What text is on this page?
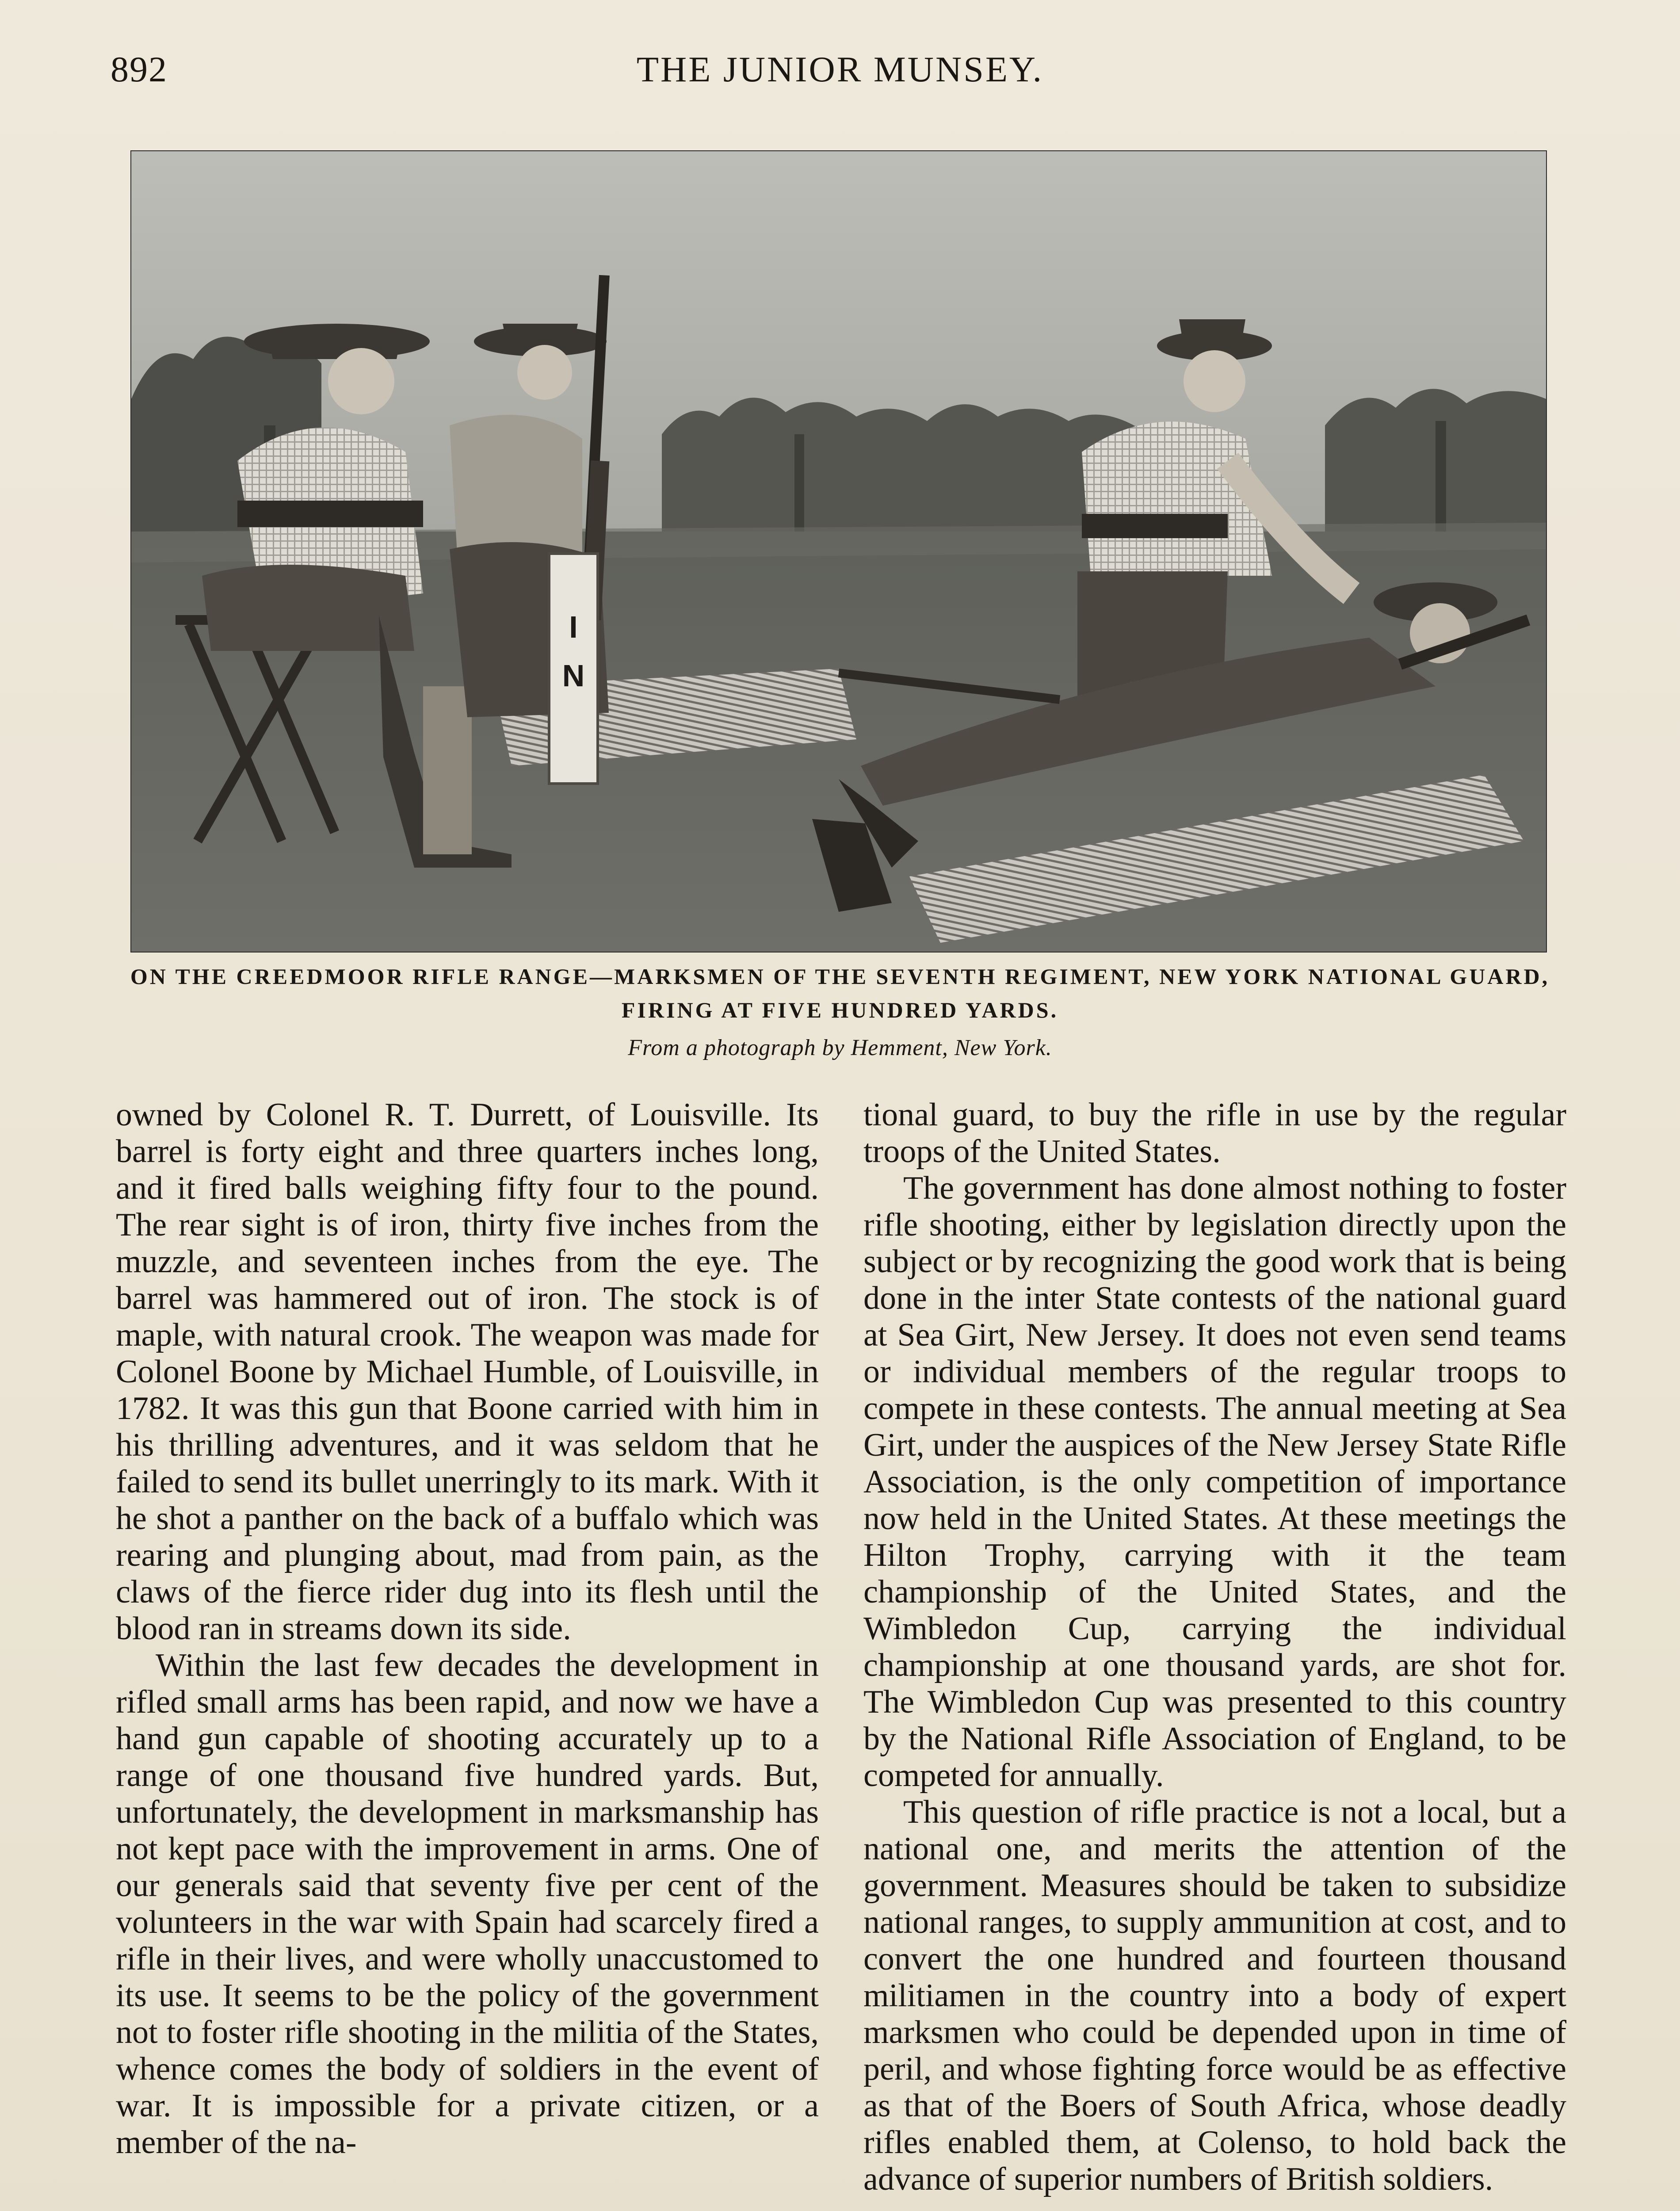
892	THE JUNIOR MUNSEY.
I
N
ON THE CREEDMOOR RIFLE RANGE—MARKSMEN OF THE SEVENTH REGIMENT, NEW YORK NATIONAL GUARD, FIRING AT FIVE HUNDRED YARDS.
From a photograph by Hemment, New York.

owned by Colonel R. T. Durrett, of Louisville. Its barrel is forty eight and three quarters inches long, and it fired balls weighing fifty four to the pound. The rear sight is of iron, thirty five inches from the muzzle, and seventeen inches from the eye. The barrel was hammered out of iron. The stock is of maple, with natural crook. The weapon was made for Colonel Boone by Michael Humble, of Louisville, in 1782. It was this gun that Boone carried with him in his thrilling adventures, and it was seldom that he failed to send its bullet unerringly to its mark. With it he shot a panther on the back of a buffalo which was rearing and plunging about, mad from pain, as the claws of the fierce rider dug into its flesh until the blood ran in streams down its side.

Within the last few decades the development in rifled small arms has been rapid, and now we have a hand gun capable of shooting accurately up to a range of one thousand five hundred yards. But, unfortunately, the development in marksmanship has not kept pace with the improvement in arms. One of our generals said that seventy five per cent of the volunteers in the war with Spain had scarcely fired a rifle in their lives, and were wholly unaccustomed to its use. It seems to be the policy of the government not to foster rifle shooting in the militia of the States, whence comes the body of soldiers in the event of war. It is impossible for a private citizen, or a member of the na-

tional guard, to buy the rifle in use by the regular troops of the United States.

The government has done almost nothing to foster rifle shooting, either by legislation directly upon the subject or by recognizing the good work that is being done in the inter State contests of the national guard at Sea Girt, New Jersey. It does not even send teams or individual members of the regular troops to compete in these contests. The annual meeting at Sea Girt, under the auspices of the New Jersey State Rifle Association, is the only competition of importance now held in the United States. At these meetings the Hilton Trophy, carrying with it the team championship of the United States, and the Wimbledon Cup, carrying the individual championship at one thousand yards, are shot for. The Wimbledon Cup was presented to this country by the National Rifle Association of England, to be competed for annually.

This question of rifle practice is not a local, but a national one, and merits the attention of the government. Measures should be taken to subsidize national ranges, to supply ammunition at cost, and to convert the one hundred and fourteen thousand militiamen in the country into a body of expert marksmen who could be depended upon in time of peril, and whose fighting force would be as effective as that of the Boers of South Africa, whose deadly rifles enabled them, at Colenso, to hold back the advance of superior numbers of British soldiers.
